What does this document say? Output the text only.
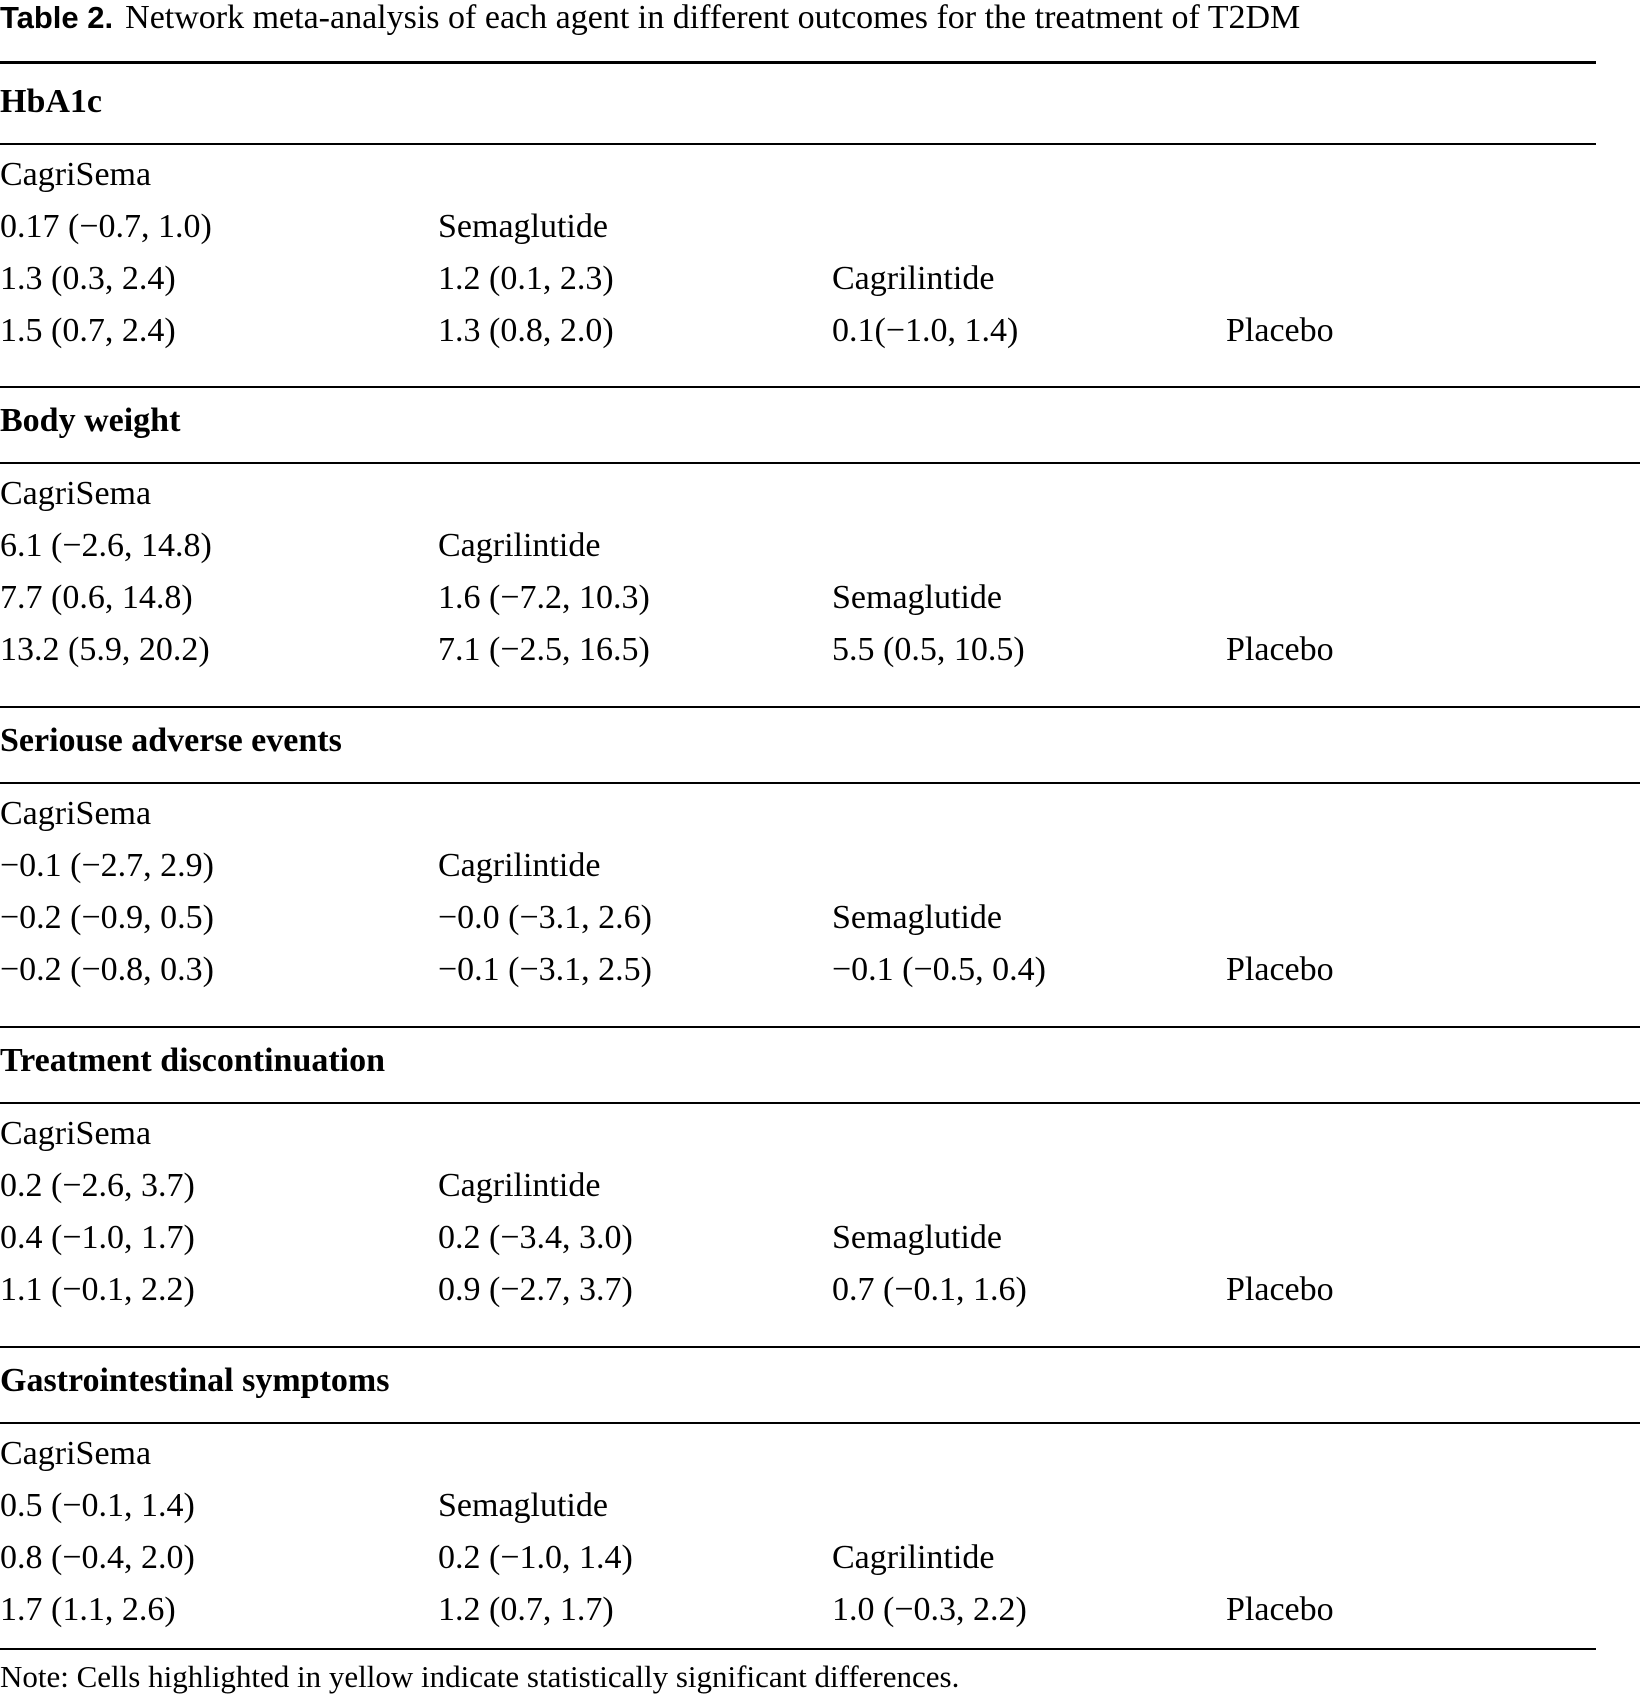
Table 2. Network meta-analysis of each agent in different outcomes for the treatment of T2DM
HbA1c
CagriSema
0.17 (−0.7, 1.0)	Semaglutide
1.3 (0.3, 2.4)	1.2 (0.1, 2.3)	Cagrilintide
1.5 (0.7, 2.4)	1.3 (0.8, 2.0)	0.1(−1.0, 1.4)	Placebo
Body weight
CagriSema
6.1 (−2.6, 14.8)	Cagrilintide
7.7 (0.6, 14.8)	1.6 (−7.2, 10.3)	Semaglutide
13.2 (5.9, 20.2)	7.1 (−2.5, 16.5)	5.5 (0.5, 10.5)	Placebo
Seriouse adverse events
CagriSema
−0.1 (−2.7, 2.9)	Cagrilintide
−0.2 (−0.9, 0.5)	−0.0 (−3.1, 2.6)	Semaglutide
−0.2 (−0.8, 0.3)	−0.1 (−3.1, 2.5)	−0.1 (−0.5, 0.4)	Placebo
Treatment discontinuation
CagriSema
0.2 (−2.6, 3.7)	Cagrilintide
0.4 (−1.0, 1.7)	0.2 (−3.4, 3.0)	Semaglutide
1.1 (−0.1, 2.2)	0.9 (−2.7, 3.7)	0.7 (−0.1, 1.6)	Placebo
Gastrointestinal symptoms
CagriSema
0.5 (−0.1, 1.4)	Semaglutide
0.8 (−0.4, 2.0)	0.2 (−1.0, 1.4)	Cagrilintide
1.7 (1.1, 2.6)	1.2 (0.7, 1.7)	1.0 (−0.3, 2.2)	Placebo
Note: Cells highlighted in yellow indicate statistically significant differences.
